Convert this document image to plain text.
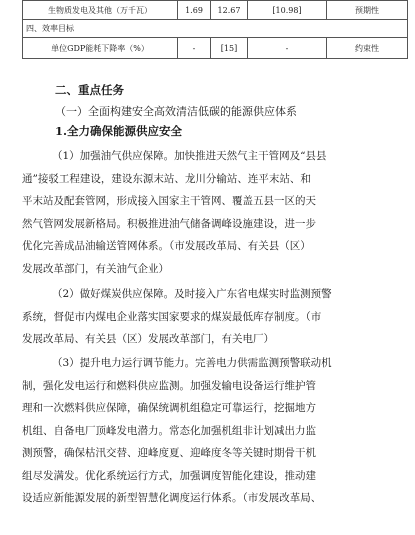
生物质发电及其他（万千瓦）	1.69	12.67	[10.98]	预期性
四、效率目标				
单位GDP能耗下降率（%）	-	[15]	-	约束性
二、重点任务
（一）全面构建安全高效清洁低碳的能源供应体系
1.全力确保能源供应安全

（1）加强油气供应保障。加快推进天然气主干管网及“县县
通”接驳工程建设，建设东源末站、龙川分输站、连平末站、和
平末站及配套管网，形成接入国家主干管网、覆盖五县一区的天
然气管网发展新格局。积极推进油气储备调峰设施建设，进一步
优化完善成品油输送管网体系。（市发展改革局、有关县（区）
发展改革部门，有关油气企业）

（2）做好煤炭供应保障。及时接入广东省电煤实时监测预警
系统，督促市内煤电企业落实国家要求的煤炭最低库存制度。（市
发展改革局、有关县（区）发展改革部门，有关电厂）

（3）提升电力运行调节能力。完善电力供需监测预警联动机
制，强化发电运行和燃料供应监测。加强发输电设备运行维护管
理和一次燃料供应保障，确保统调机组稳定可靠运行，挖掘地方
机组、自备电厂顶峰发电潜力。常态化加强机组非计划减出力监
测预警，确保枯汛交替、迎峰度夏、迎峰度冬等关键时期骨干机
组尽发满发。优化系统运行方式，加强调度智能化建设，推动建
设适应新能源发展的新型智慧化调度运行体系。（市发展改革局、
